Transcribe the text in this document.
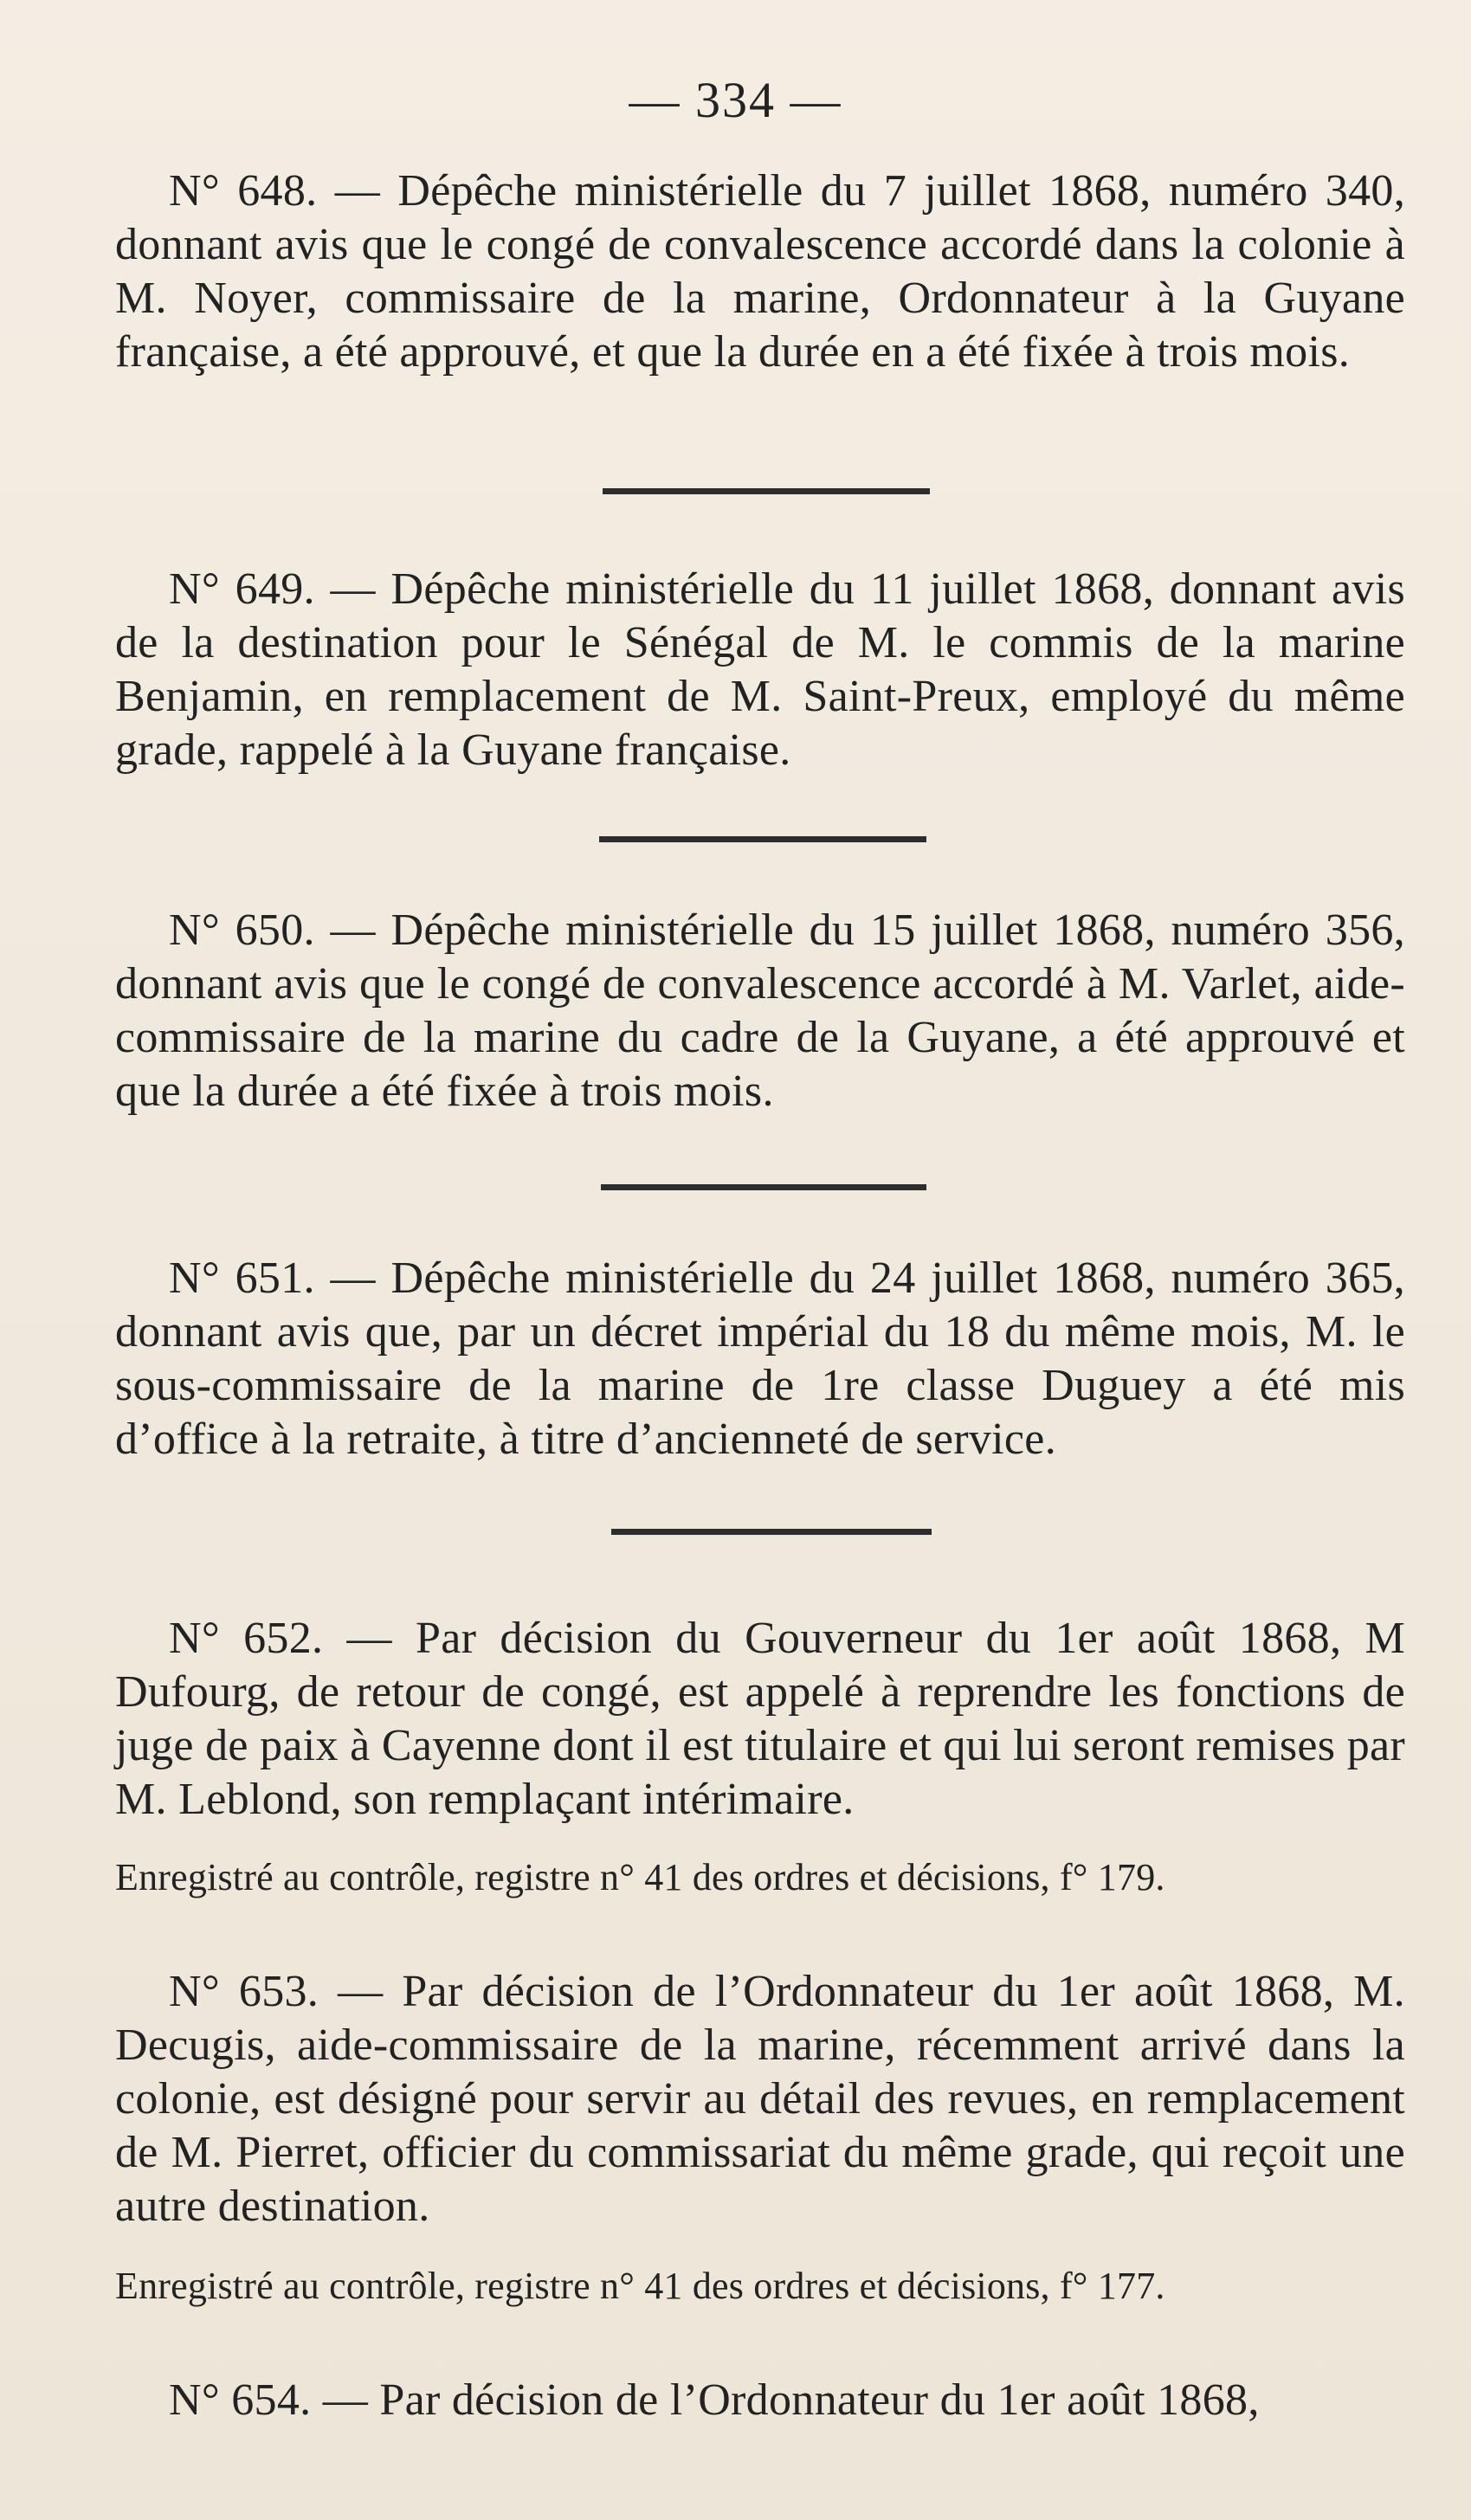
— 334 —

N° 648. — Dépêche ministérielle du 7 juillet 1868, numéro 340, donnant avis que le congé de convalescence accordé dans la colonie à M. Noyer, commissaire de la marine, Ordonnateur à la Guyane française, a été approuvé, et que la durée en a été fixée à trois mois.

N° 649. — Dépêche ministérielle du 11 juillet 1868, donnant avis de la destination pour le Sénégal de M. le commis de la marine Benjamin, en remplacement de M. Saint-Preux, employé du même grade, rappelé à la Guyane française.

N° 650. — Dépêche ministérielle du 15 juillet 1868, numéro 356, donnant avis que le congé de convalescence accordé à M. Varlet, aide-commissaire de la marine du cadre de la Guyane, a été approuvé et que la durée a été fixée à trois mois.

N° 651. — Dépêche ministérielle du 24 juillet 1868, numéro 365, donnant avis que, par un décret impérial du 18 du même mois, M. le sous-commissaire de la marine de 1re classe Duguey a été mis d’office à la retraite, à titre d’ancienneté de service.

N° 652. — Par décision du Gouverneur du 1er août 1868, M Dufourg, de retour de congé, est appelé à reprendre les fonctions de juge de paix à Cayenne dont il est titulaire et qui lui seront remises par M. Leblond, son remplaçant intérimaire.

Enregistré au contrôle, registre n° 41 des ordres et décisions, f° 179.

N° 653. — Par décision de l’Ordonnateur du 1er août 1868, M. Decugis, aide-commissaire de la marine, récemment arrivé dans la colonie, est désigné pour servir au détail des revues, en remplacement de M. Pierret, officier du commissariat du même grade, qui reçoit une autre destination.

Enregistré au contrôle, registre n° 41 des ordres et décisions, f° 177.

N° 654. — Par décision de l’Ordonnateur du 1er août 1868,
